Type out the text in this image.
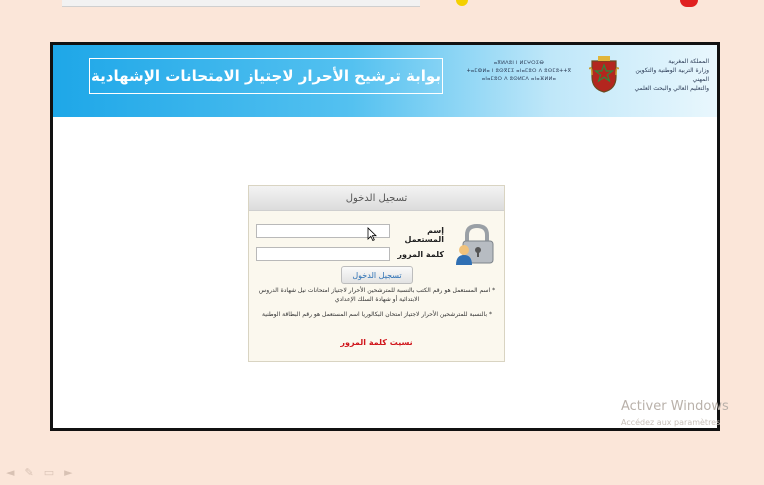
بوابة ترشيح الأحرار لاجتياز الامتحانات الإشهادية
ⴰⴳⵍⴷⵓⵏ ⵏ ⵍⵎⵖⵔⵉⴱ
ⵜⴰⵎⵀⵍⴰ ⵏ ⵓⵙⴳⵎⵉ ⴰⵏⴰⵎⵓⵔ ⴷ ⵓⵙⵎⵓⵜⵜⴳ
ⴰⵏⴰⵎⵓⵔ ⴷ ⵓⵙⵍⵎⴷ ⴰⵏⴰⴼⵍⵍⴰ
المملكة المغربية
وزارة التربية الوطنية والتكوين المهني
والتعليم العالي والبحث العلمي
تسجيل الدخول
إسم المستعمل
كلمة المرور
تسجيل الدخول
* اسم المستعمل هو رقم الكتب بالنسبة للمترشحين الأحرار لاجتياز امتحانات نيل شهادة الدروس الابتدائية أو شهادة السلك الإعدادي
* بالنسبة للمترشحين الأحرار لاجتياز امتحان البكالوريا اسم المستعمل هو رقم البطاقة الوطنية
نسيت كلمة المرور
Activer Windows
Accédez aux paramètres
◄ ✎ ▭ ►
